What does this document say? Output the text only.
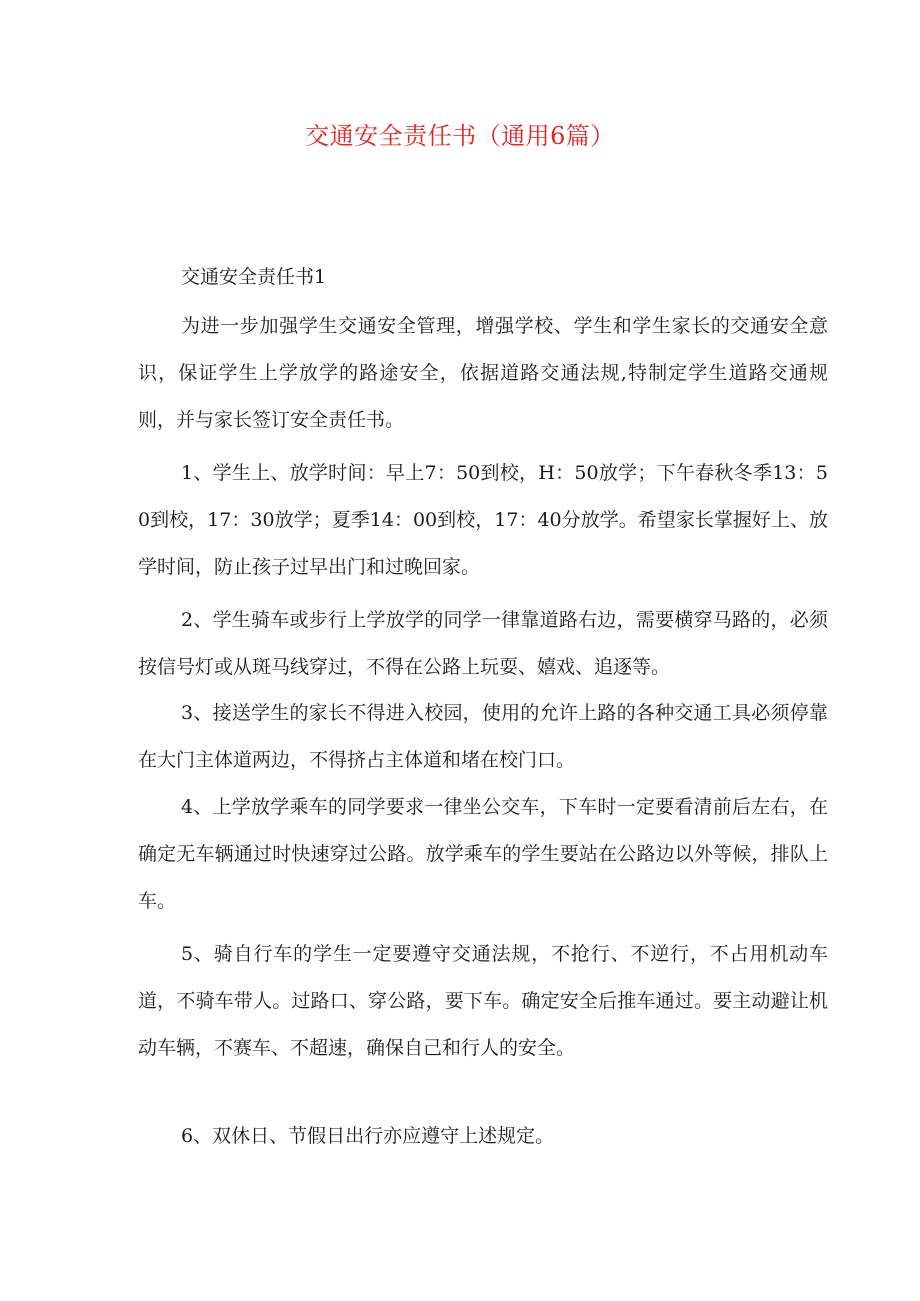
交通安全责任书（通用6篇）

交通安全责任书1

为进一步加强学生交通安全管理，增强学校、学生和学生家长的交通安全意识，保证学生上学放学的路途安全，依据道路交通法规,特制定学生道路交通规则，并与家长签订安全责任书。

1、学生上、放学时间：早上7：50到校，H：50放学；下午春秋冬季13：50到校，17：30放学；夏季14：00到校，17：40分放学。希望家长掌握好上、放学时间，防止孩子过早出门和过晚回家。

2、学生骑车或步行上学放学的同学一律靠道路右边，需要横穿马路的，必须按信号灯或从斑马线穿过，不得在公路上玩耍、嬉戏、追逐等。

3、接送学生的家长不得进入校园，使用的允许上路的各种交通工具必须停靠在大门主体道两边，不得挤占主体道和堵在校门口。

4、上学放学乘车的同学要求一律坐公交车，下车时一定要看清前后左右，在确定无车辆通过时快速穿过公路。放学乘车的学生要站在公路边以外等候，排队上车。

5、骑自行车的学生一定要遵守交通法规，不抢行、不逆行，不占用机动车道，不骑车带人。过路口、穿公路，要下车。确定安全后推车通过。要主动避让机动车辆，不赛车、不超速，确保自己和行人的安全。

6、双休日、节假日出行亦应遵守上述规定。
